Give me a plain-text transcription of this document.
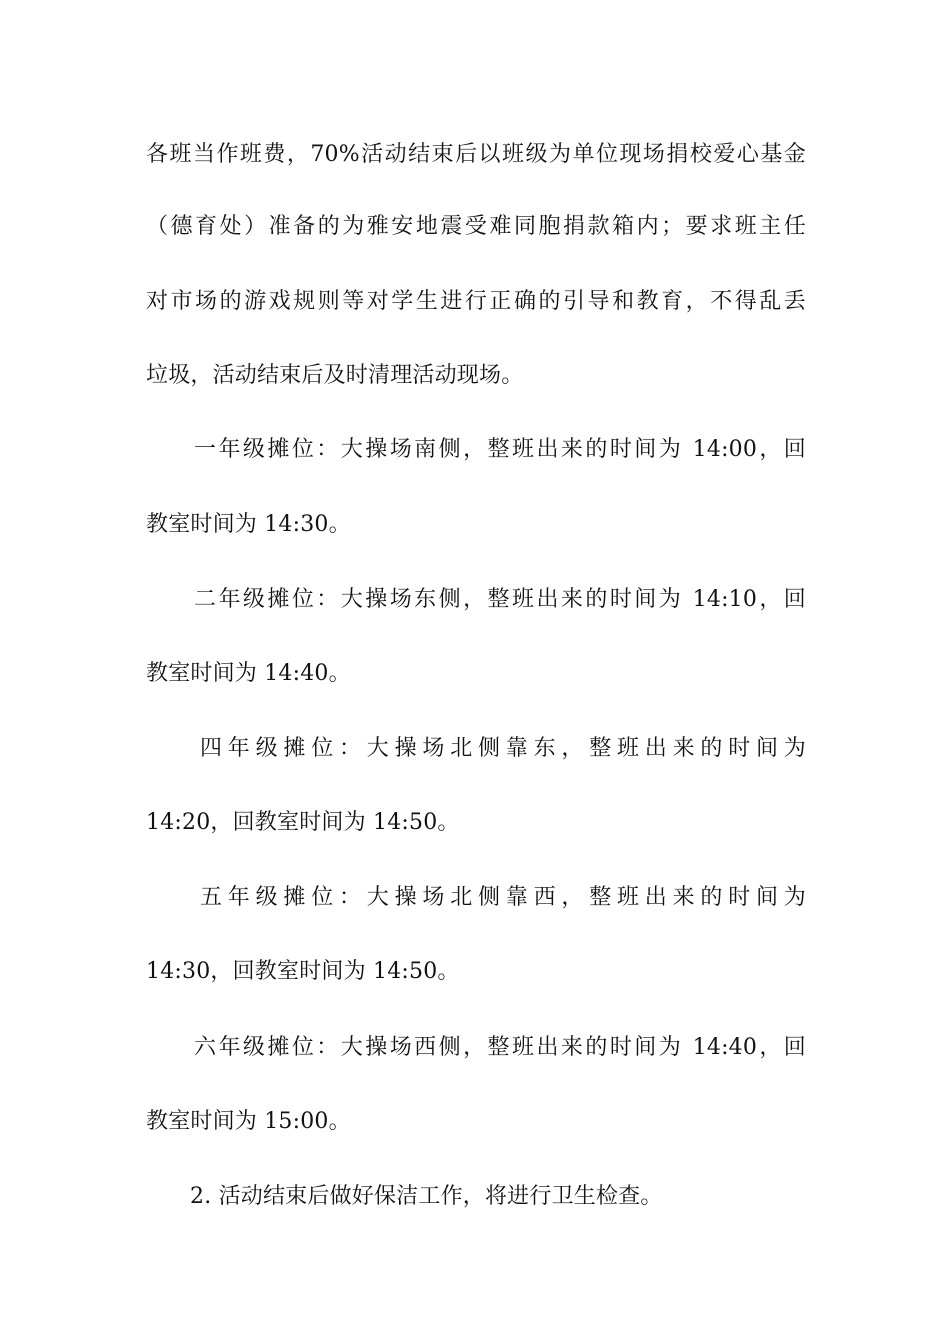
各班当作班费，70%活动结束后以班级为单位现场捐校爱心基金
（德育处）准备的为雅安地震受难同胞捐款箱内；要求班主任
对市场的游戏规则等对学生进行正确的引导和教育，不得乱丢
垃圾，活动结束后及时清理活动现场。
一年级摊位：大操场南侧，整班出来的时间为 14:00，回
教室时间为 14:30。
二年级摊位：大操场东侧，整班出来的时间为 14:10，回
教室时间为 14:40。
四年级摊位：大操场北侧靠东，整班出来的时间为
14:20，回教室时间为 14:50。
五年级摊位：大操场北侧靠西，整班出来的时间为
14:30，回教室时间为 14:50。
六年级摊位：大操场西侧，整班出来的时间为 14:40，回
教室时间为 15:00。
2. 活动结束后做好保洁工作，将进行卫生检查。
